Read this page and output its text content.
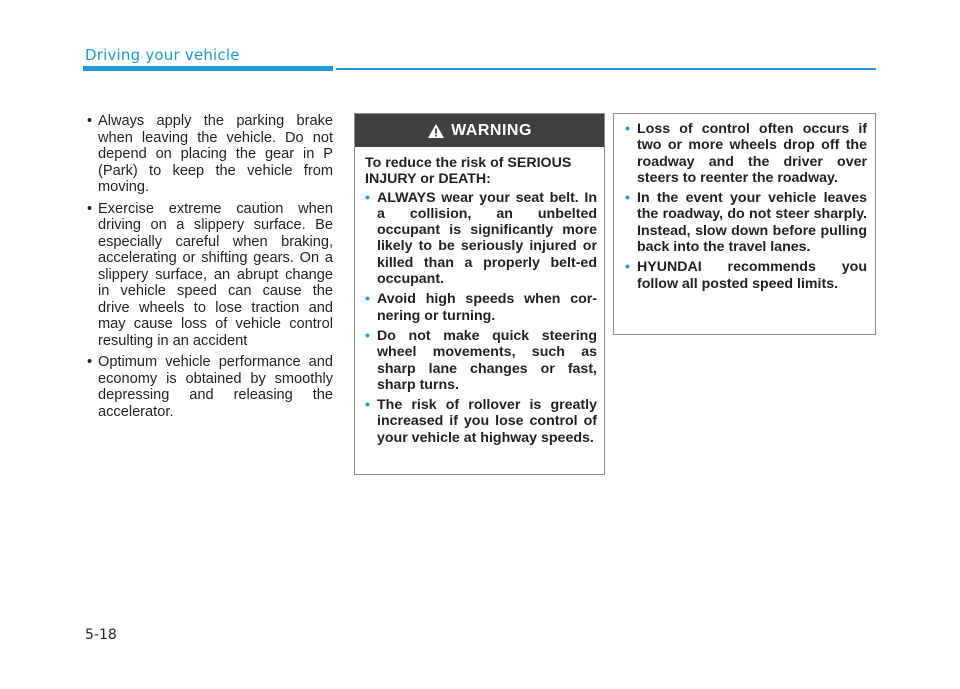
Driving your vehicle
• Always apply the parking brake when leaving the vehicle. Do not depend on placing the gear in P (Park) to keep the vehicle from moving.
• Exercise extreme caution when driving on a slippery surface. Be especially careful when braking, accelerating or shifting gears. On a slippery surface, an abrupt change in vehicle speed can cause the drive wheels to lose traction and may cause loss of vehicle control resulting in an accident
• Optimum vehicle performance and economy is obtained by smoothly depressing and releasing the accelerator.
WARNING
To reduce the risk of SERIOUS INJURY or DEATH:
• ALWAYS wear your seat belt. In a collision, an unbelted occupant is significantly more likely to be seriously injured or killed than a properly belt-ed occupant.
• Avoid high speeds when cor-nering or turning.
• Do not make quick steering wheel movements, such as sharp lane changes or fast, sharp turns.
• The risk of rollover is greatly increased if you lose control of your vehicle at highway speeds.
• Loss of control often occurs if two or more wheels drop off the roadway and the driver over steers to reenter the roadway.
• In the event your vehicle leaves the roadway, do not steer sharply. Instead, slow down before pulling back into the travel lanes.
• HYUNDAI recommends you follow all posted speed limits.
5-18
